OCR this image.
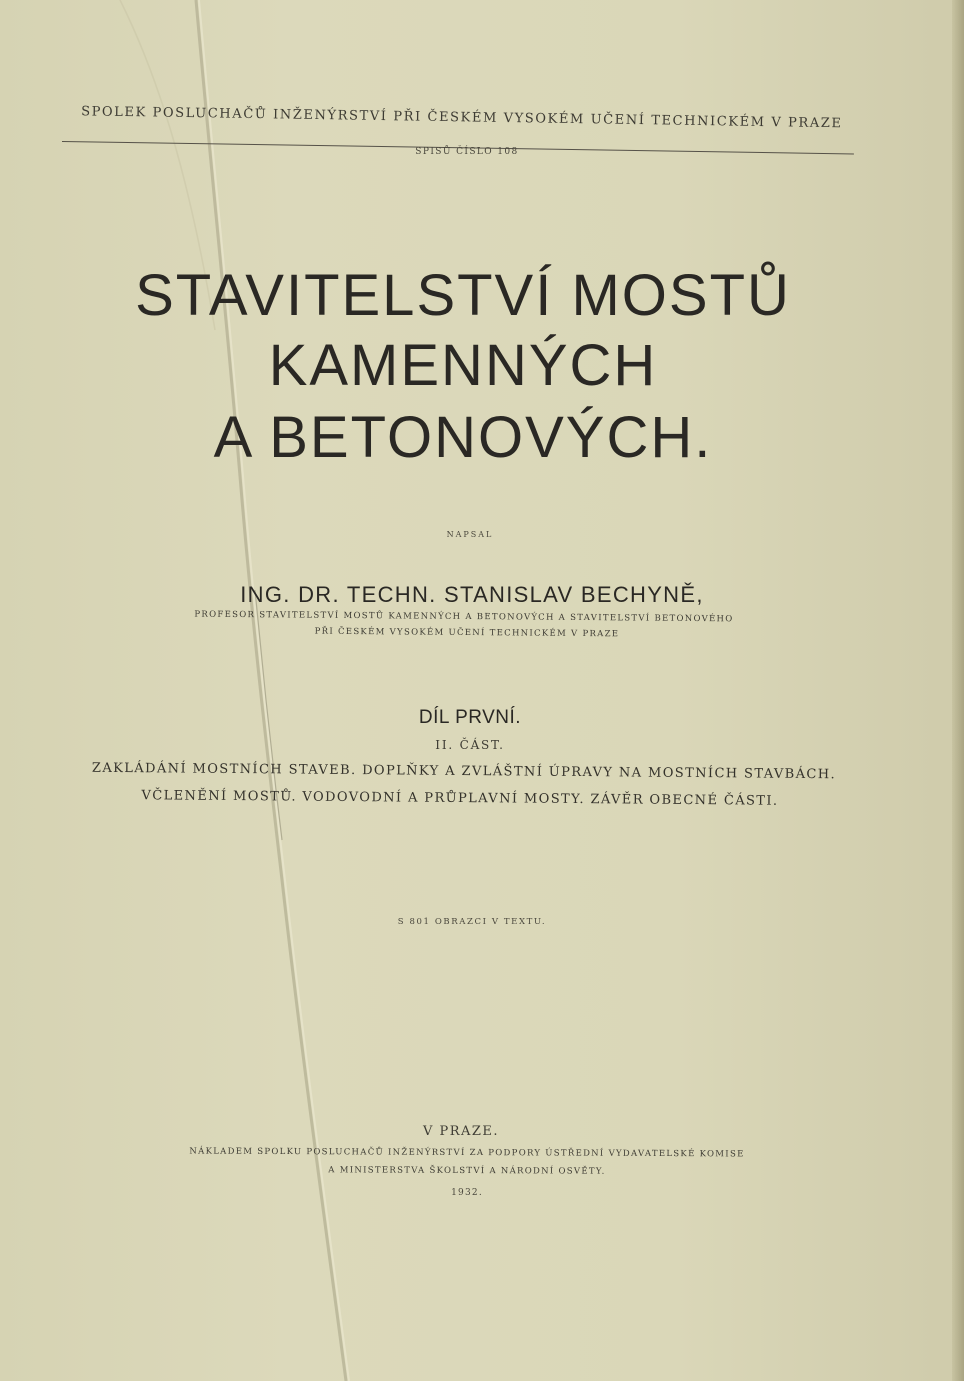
SPOLEK POSLUCHAČŮ INŽENÝRSTVÍ PŘI ČESKÉM VYSOKÉM UČENÍ TECHNICKÉM V PRAZE
SPISŮ ČÍSLO 108
STAVITELSTVÍ MOSTŮ
KAMENNÝCH
A BETONOVÝCH.
NAPSAL
ING. DR. TECHN. STANISLAV BECHYNĚ,
PROFESOR STAVITELSTVÍ MOSTŮ KAMENNÝCH A BETONOVÝCH A STAVITELSTVÍ BETONOVÉHO
PŘI ČESKÉM VYSOKÉM UČENÍ TECHNICKÉM V PRAZE
DÍL PRVNÍ.
II. ČÁST.
ZAKLÁDÁNÍ MOSTNÍCH STAVEB. DOPLŇKY A ZVLÁŠTNÍ ÚPRAVY NA MOSTNÍCH STAVBÁCH.
VČLENĚNÍ MOSTŮ. VODOVODNÍ A PRŮPLAVNÍ MOSTY. ZÁVĚR OBECNÉ ČÁSTI.
S 801 OBRAZCI V TEXTU.
V PRAZE.
NÁKLADEM SPOLKU POSLUCHAČŮ INŽENÝRSTVÍ ZA PODPORY ÚSTŘEDNÍ VYDAVATELSKÉ KOMISE
A MINISTERSTVA ŠKOLSTVÍ A NÁRODNÍ OSVĚTY.
1932.
